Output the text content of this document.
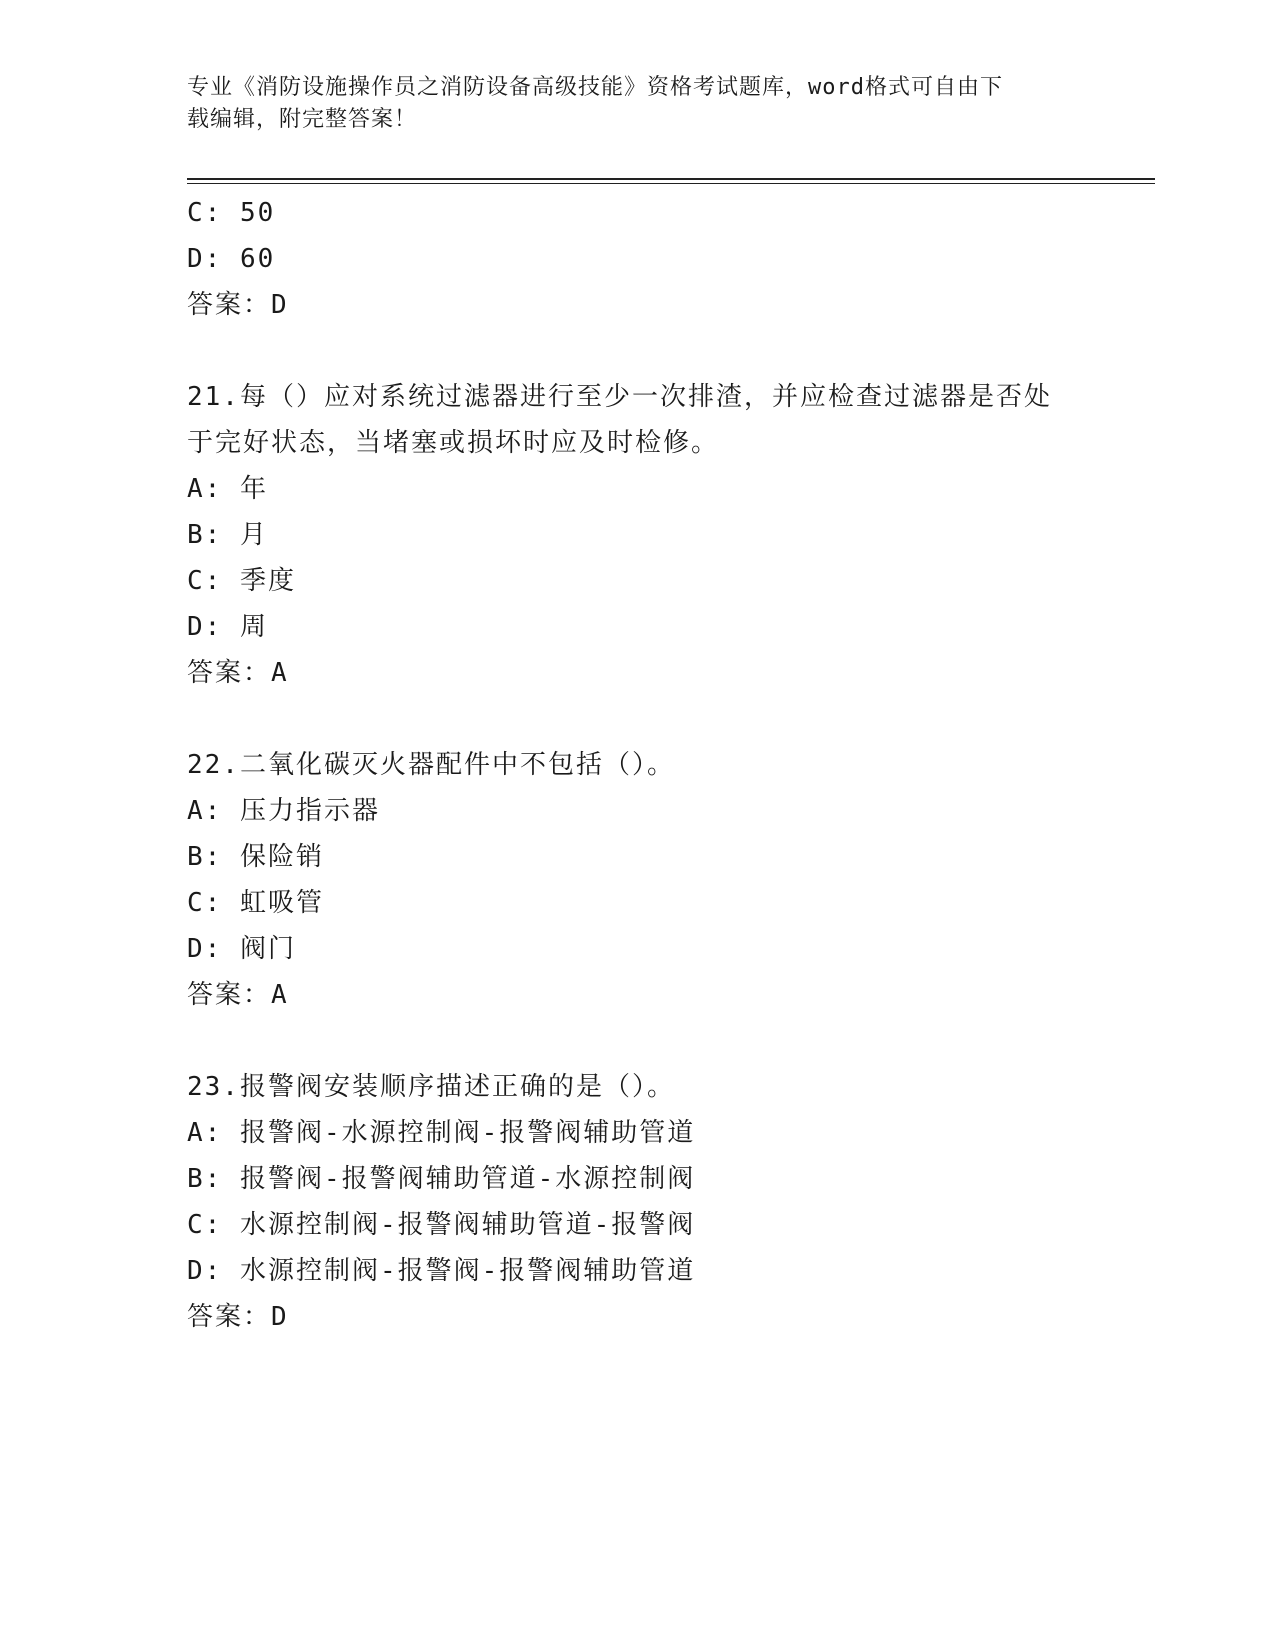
专业《消防设施操作员之消防设备高级技能》资格考试题库，word格式可自由下
载编辑，附完整答案！
C: 50
D: 60
答案：D
21.每（）应对系统过滤器进行至少一次排渣，并应检查过滤器是否处
于完好状态，当堵塞或损坏时应及时检修。
A: 年
B: 月
C: 季度
D: 周
答案：A
22.二氧化碳灭火器配件中不包括（）。
A: 压力指示器
B: 保险销
C: 虹吸管
D: 阀门
答案：A
23.报警阀安装顺序描述正确的是（）。
A: 报警阀-水源控制阀-报警阀辅助管道
B: 报警阀-报警阀辅助管道-水源控制阀
C: 水源控制阀-报警阀辅助管道-报警阀
D: 水源控制阀-报警阀-报警阀辅助管道
答案：D
